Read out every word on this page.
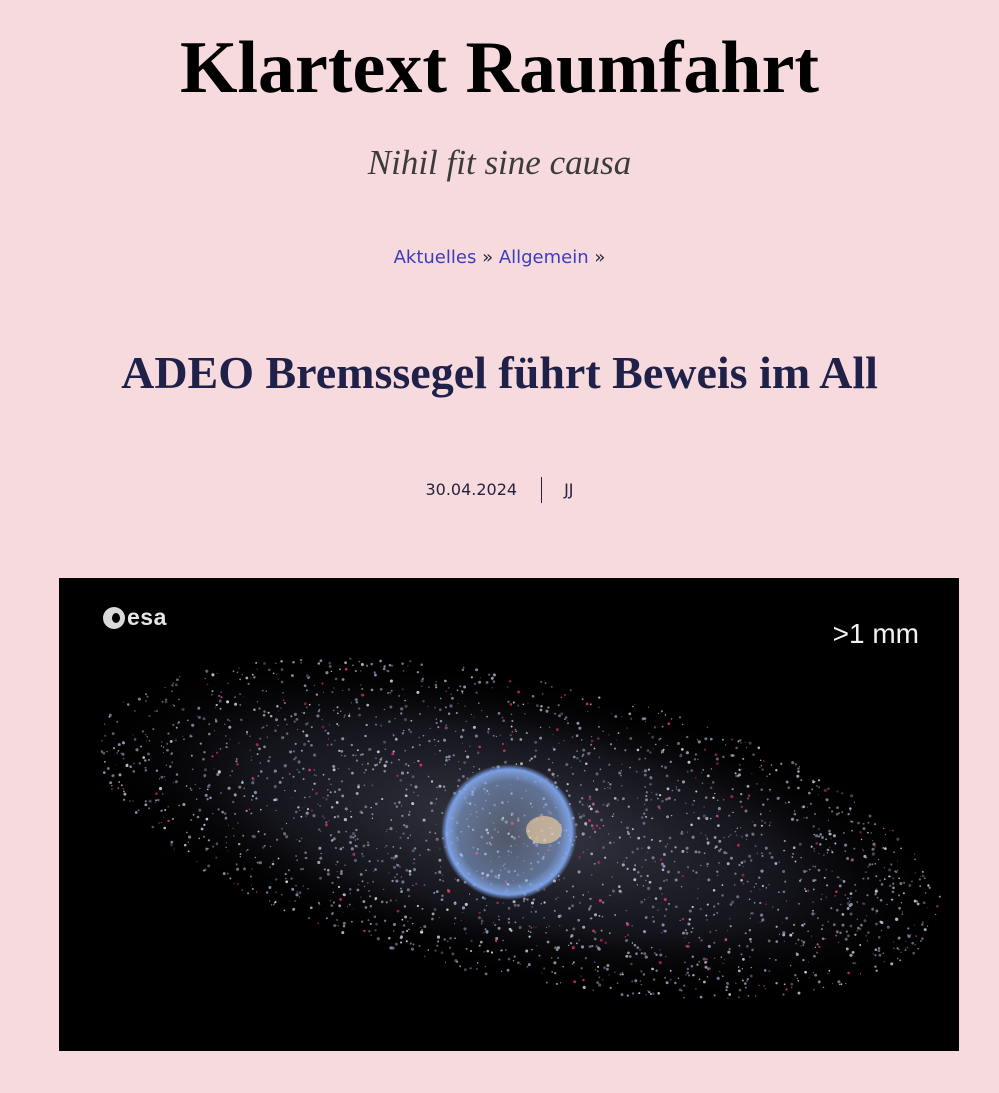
Klartext Raumfahrt

Nihil fit sine causa

Aktuelles » Allgemein »
ADEO Bremssegel führt Beweis im All
30.04.2024	JJ
esa
>1 mm
